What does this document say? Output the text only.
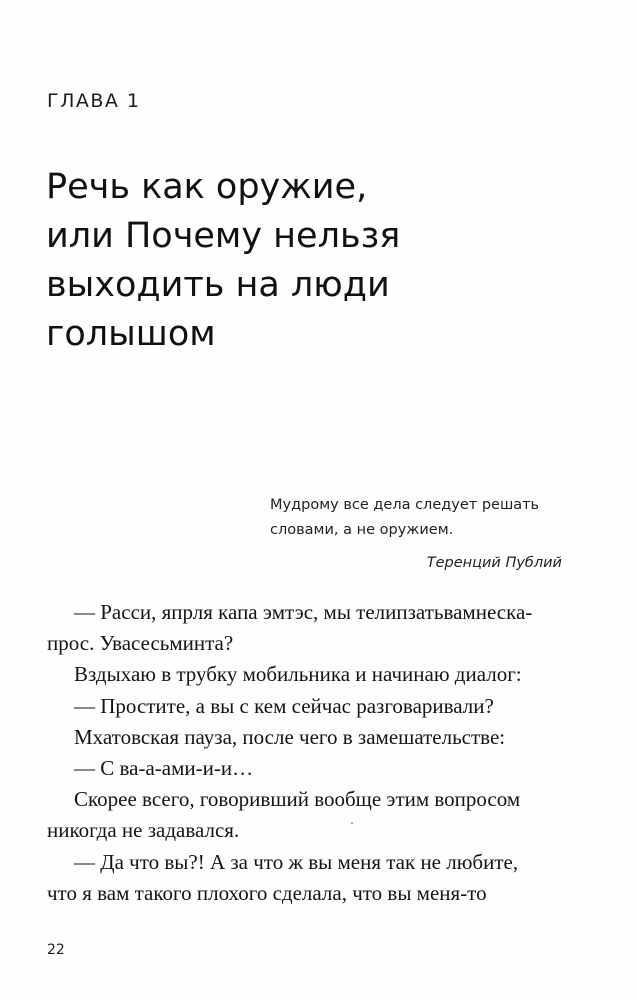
ГЛАВА 1
Речь как оружие,
или Почему нельзя
выходить на люди
голышом
Мудрому все дела следует решать
словами, а не оружием.
Теренций Публий
— Расси, япрля капа эмтэс, мы телипзатьвамнеска-
прос. Увасесьминта?
Вздыхаю в трубку мобильника и начинаю диалог:
— Простите, а вы с кем сейчас разговаривали?
Мхатовская пауза, после чего в замешательстве:
— С ва-а-ами-и-и…
Скорее всего, говоривший вообще этим вопросом
никогда не задавался.
— Да что вы?! А за что ж вы меня так не любите,
что я вам такого плохого сделала, что вы меня-то
22
